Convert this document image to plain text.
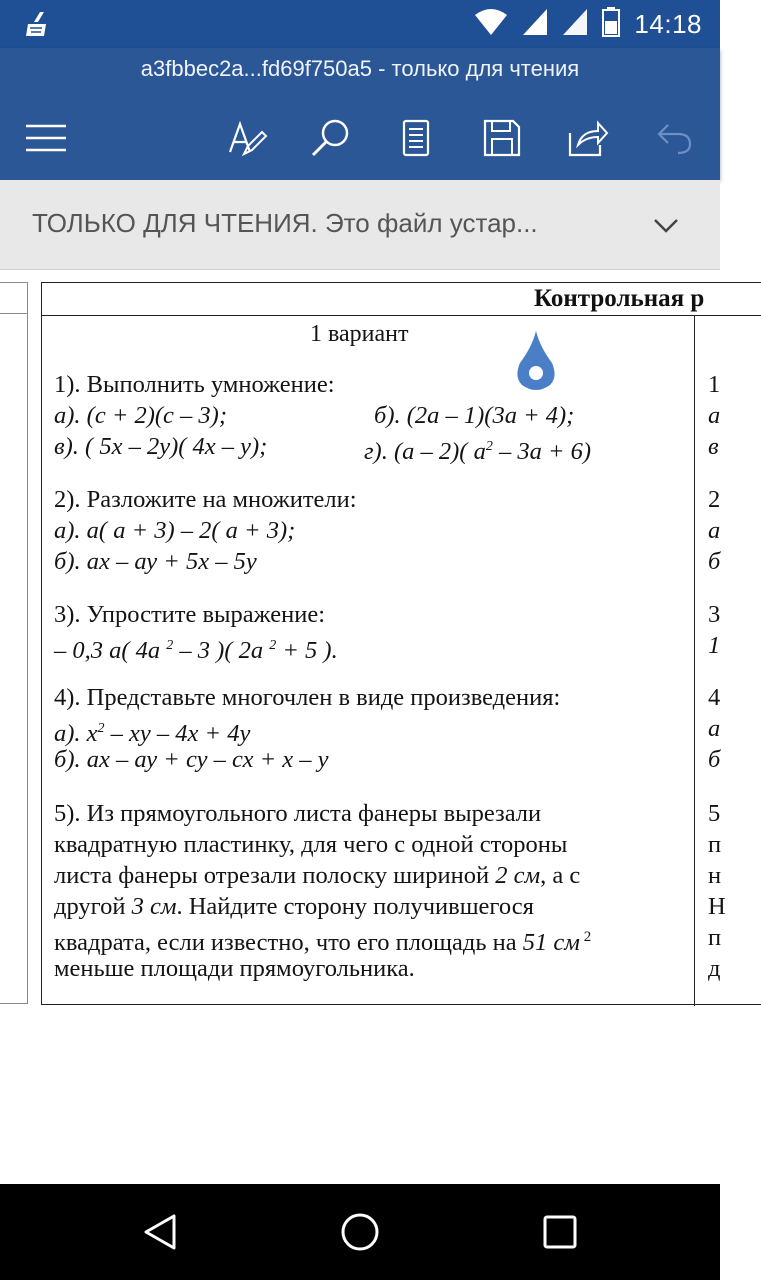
14:18
a3fbbec2a...fd69f750a5 - только для чтения
ТОЛЬКО ДЛЯ ЧТЕНИЯ. Это файл устар...
Контрольная р
1 вариант
1). Выполнить умножение:
а). (с + 2)(с – 3);	б). (2а – 1)(3а + 4);
в). ( 5х – 2у)( 4х – у);	г). (а – 2)( $а^2 - 3а + 6$)
2). Разложите на множители:
а). а( а + 3) – 2( а + 3);
б). ах – ау + 5х – 5у
3). Упростите выражение:
– 0,3 а( 4а $^2$ – 3 )( 2а $^2$ + 5 ).
4). Представьте многочлен в виде произведения:
а). $х^2$ – ху – 4х + 4у
б). ах – ау + су – сх + х – у
5). Из прямоугольного листа фанеры вырезали
квадратную пластинку, для чего с одной стороны
листа фанеры отрезали полоску шириной 2 см, а с
другой 3 см. Найдите сторону получившегося
квадрата, если известно, что его площадь на 51 см $^2$
меньше площади прямоугольника.
1
а
в
2
а
б
3
1
4
а
б
5
п
н
Н
п
д
